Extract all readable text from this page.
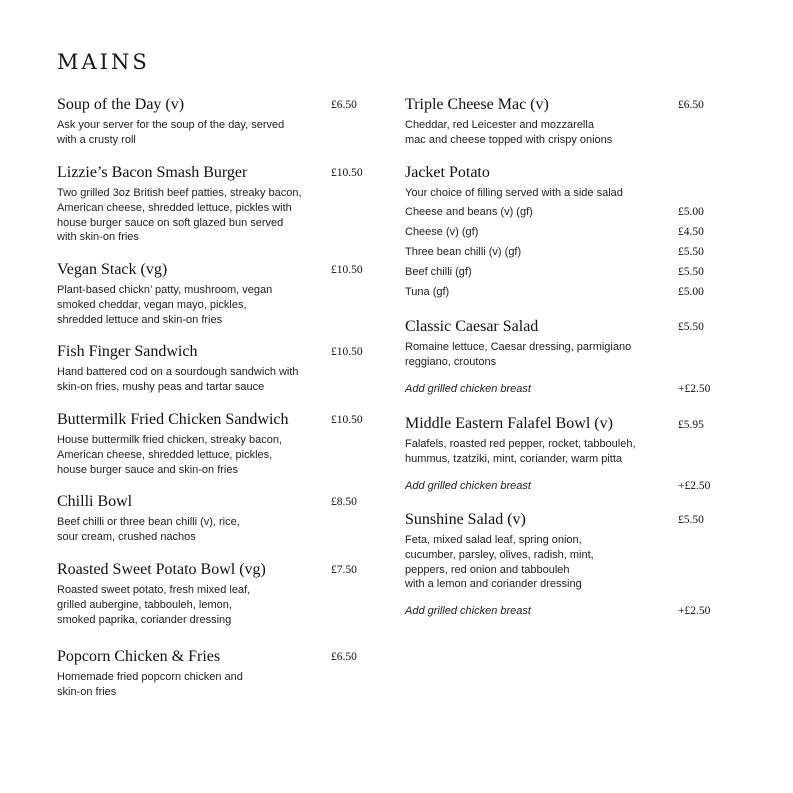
MAINS
Soup of the Day (v)	£6.50
Ask your server for the soup of the day, served
with a crusty roll
Lizzie’s Bacon Smash Burger	£10.50
Two grilled 3oz British beef patties, streaky bacon,
American cheese, shredded lettuce, pickles with
house burger sauce on soft glazed bun served
with skin-on fries
Vegan Stack (vg)	£10.50
Plant-based chickn’ patty, mushroom, vegan
smoked cheddar, vegan mayo, pickles,
shredded lettuce and skin-on fries
Fish Finger Sandwich	£10.50
Hand battered cod on a sourdough sandwich with
skin-on fries, mushy peas and tartar sauce
Buttermilk Fried Chicken Sandwich	£10.50
House buttermilk fried chicken, streaky bacon,
American cheese, shredded lettuce, pickles,
house burger sauce and skin-on fries
Chilli Bowl	£8.50
Beef chilli or three bean chilli (v), rice,
sour cream, crushed nachos
Roasted Sweet Potato Bowl (vg)	£7.50
Roasted sweet potato, fresh mixed leaf,
grilled aubergine, tabbouleh, lemon,
smoked paprika, coriander dressing
Popcorn Chicken & Fries	£6.50
Homemade fried popcorn chicken and
skin-on fries
Triple Cheese Mac (v)	£6.50
Cheddar, red Leicester and mozzarella
mac and cheese topped with crispy onions
Jacket Potato
Your choice of filling served with a side salad
Cheese and beans (v) (gf)	£5.00
Cheese (v) (gf)	£4.50
Three bean chilli (v) (gf)	£5.50
Beef chilli (gf)	£5.50
Tuna (gf)	£5.00
Classic Caesar Salad	£5.50
Romaine lettuce, Caesar dressing, parmigiano
reggiano, croutons
Add grilled chicken breast	+£2.50
Middle Eastern Falafel Bowl (v)	£5.95
Falafels, roasted red pepper, rocket, tabbouleh,
hummus, tzatziki, mint, coriander, warm pitta
Add grilled chicken breast	+£2.50
Sunshine Salad (v)	£5.50
Feta, mixed salad leaf, spring onion,
cucumber, parsley, olives, radish, mint,
peppers, red onion and tabbouleh
with a lemon and coriander dressing
Add grilled chicken breast	+£2.50
